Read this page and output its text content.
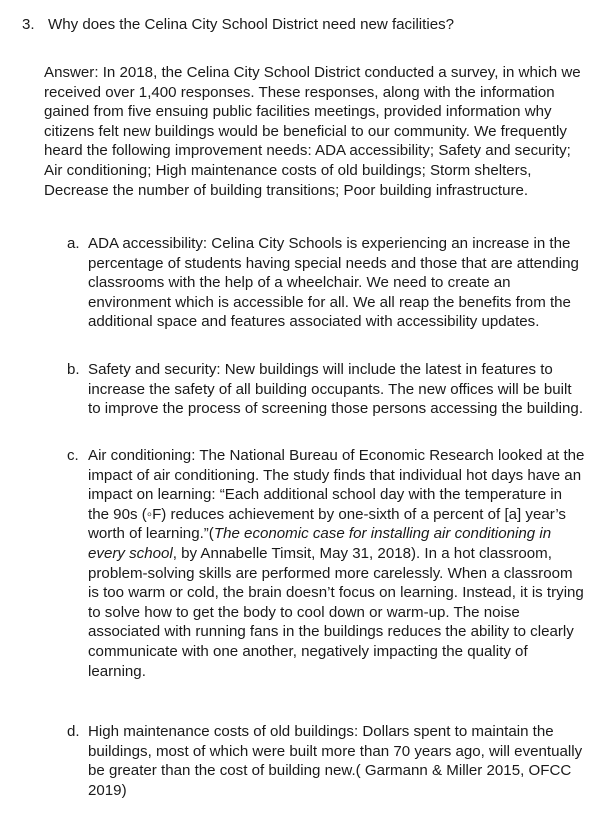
3. Why does the Celina City School District need new facilities?
Answer: In 2018, the Celina City School District conducted a survey, in which we
received over 1,400 responses. These responses, along with the information
gained from five ensuing public facilities meetings, provided information why
citizens felt new buildings would be beneficial to our community. We frequently
heard the following improvement needs: ADA accessibility; Safety and security;
Air conditioning; High maintenance costs of old buildings; Storm shelters,
Decrease the number of building transitions; Poor building infrastructure.
a. ADA accessibility: Celina City Schools is experiencing an increase in the
percentage of students having special needs and those that are attending
classrooms with the help of a wheelchair. We need to create an
environment which is accessible for all. We all reap the benefits from the
additional space and features associated with accessibility updates.
b. Safety and security: New buildings will include the latest in features to
increase the safety of all building occupants. The new offices will be built
to improve the process of screening those persons accessing the building.
c. Air conditioning: The National Bureau of Economic Research looked at the
impact of air conditioning. The study finds that individual hot days have an
impact on learning: “Each additional school day with the temperature in
the 90s (◦F) reduces achievement by one-sixth of a percent of [a] year’s
worth of learning.”(The economic case for installing air conditioning in
every school, by Annabelle Timsit, May 31, 2018). In a hot classroom,
problem-solving skills are performed more carelessly. When a classroom
is too warm or cold, the brain doesn’t focus on learning. Instead, it is trying
to solve how to get the body to cool down or warm-up. The noise
associated with running fans in the buildings reduces the ability to clearly
communicate with one another, negatively impacting the quality of
learning.
d. High maintenance costs of old buildings: Dollars spent to maintain the
buildings, most of which were built more than 70 years ago, will eventually
be greater than the cost of building new.( Garmann & Miller 2015, OFCC
2019)
